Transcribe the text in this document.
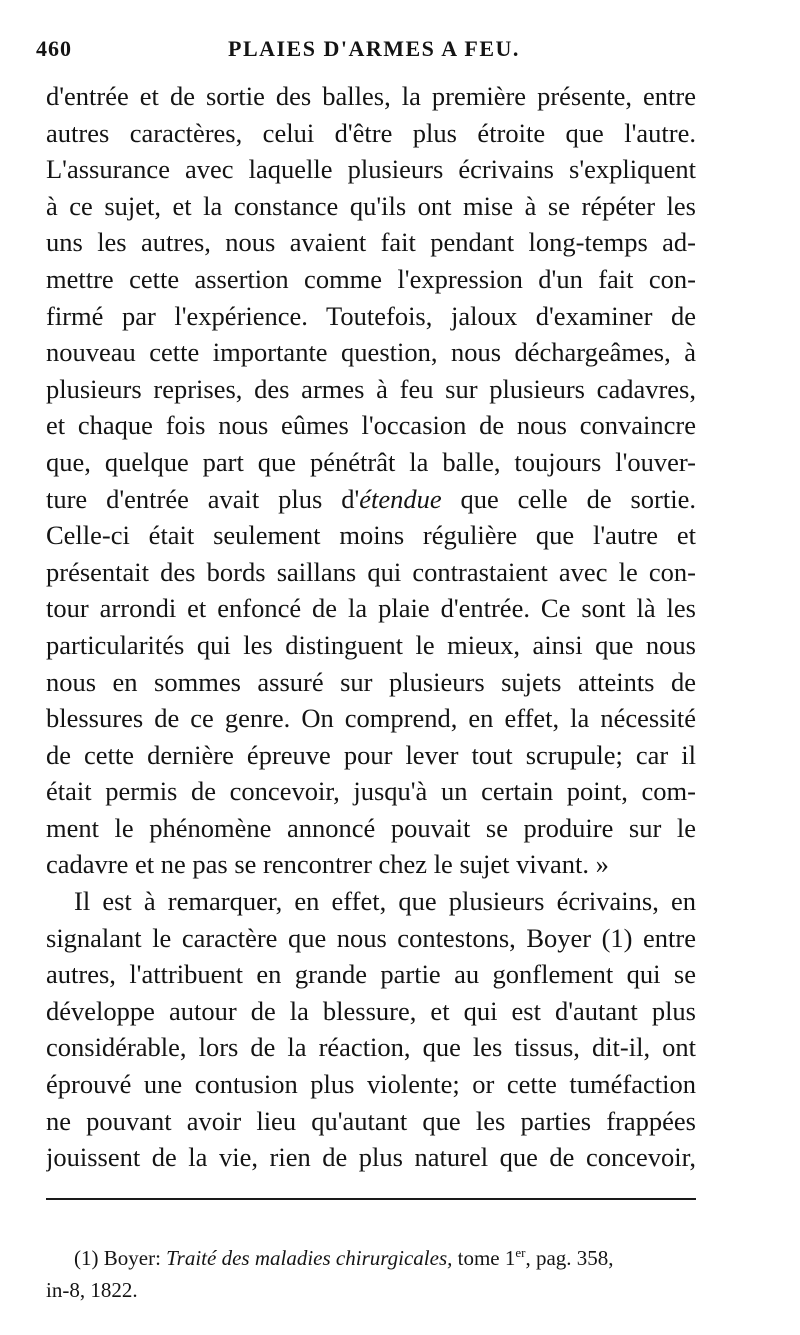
460	PLAIES D'ARMES A FEU.
d'entrée et de sortie des balles, la première présente, entre
autres caractères, celui d'être plus étroite que l'autre.
L'assurance avec laquelle plusieurs écrivains s'expliquent
à ce sujet, et la constance qu'ils ont mise à se répéter les
uns les autres, nous avaient fait pendant long-temps ad-
mettre cette assertion comme l'expression d'un fait con-
firmé par l'expérience. Toutefois, jaloux d'examiner de
nouveau cette importante question, nous déchargeâmes, à
plusieurs reprises, des armes à feu sur plusieurs cadavres,
et chaque fois nous eûmes l'occasion de nous convaincre
que, quelque part que pénétrât la balle, toujours l'ouver-
ture d'entrée avait plus d'étendue que celle de sortie.
Celle-ci était seulement moins régulière que l'autre et
présentait des bords saillans qui contrastaient avec le con-
tour arrondi et enfoncé de la plaie d'entrée. Ce sont là les
particularités qui les distinguent le mieux, ainsi que nous
nous en sommes assuré sur plusieurs sujets atteints de
blessures de ce genre. On comprend, en effet, la nécessité
de cette dernière épreuve pour lever tout scrupule; car il
était permis de concevoir, jusqu'à un certain point, com-
ment le phénomène annoncé pouvait se produire sur le
cadavre et ne pas se rencontrer chez le sujet vivant. »
Il est à remarquer, en effet, que plusieurs écrivains, en
signalant le caractère que nous contestons, Boyer (1) entre
autres, l'attribuent en grande partie au gonflement qui se
développe autour de la blessure, et qui est d'autant plus
considérable, lors de la réaction, que les tissus, dit-il, ont
éprouvé une contusion plus violente; or cette tuméfaction
ne pouvant avoir lieu qu'autant que les parties frappées
jouissent de la vie, rien de plus naturel que de concevoir,
(1) Boyer: Traité des maladies chirurgicales, tome 1er, pag. 358,
in-8, 1822.
